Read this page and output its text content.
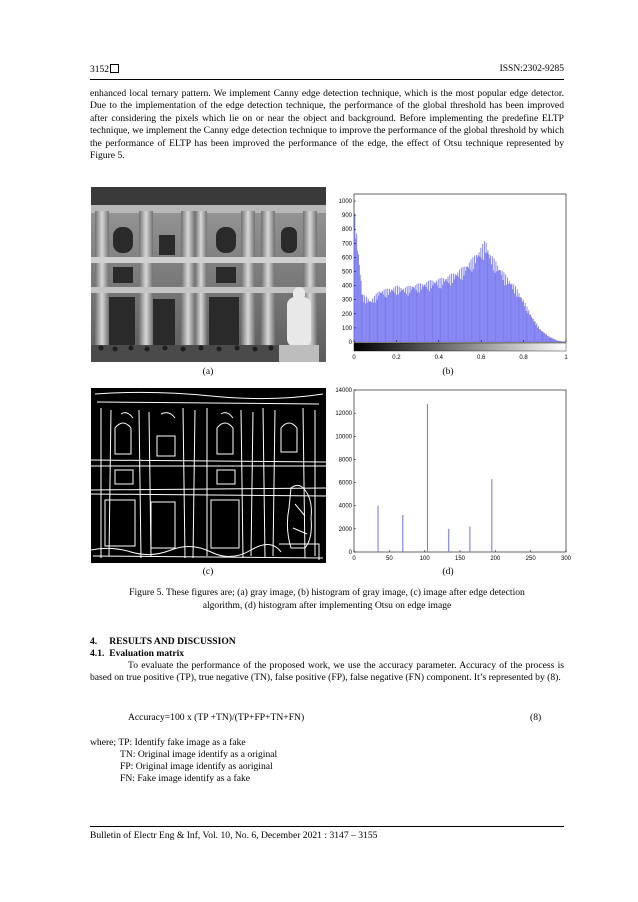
3152	ISSN:2302-9285
enhanced local ternary pattern. We implement Canny edge detection technique, which is the most popular edge detector. Due to the implementation of the edge detection technique, the performance of the global threshold has been improved after considering the pixels which lie on or near the object and background. Before implementing the predefine ELTP technique, we implement the Canny edge detection technique to improve the performance of the global threshold by which the performance of ELTP has been improved the performance of the edge, the effect of Otsu technique represented by Figure 5.
0	0.2	0.4	0.6	0.8	1
0
100
200
300
400
500
600
700
800
900
1000
(a)	(b)
0	50	100	150	200	250	300
0
2000
4000
6000
8000
10000
12000
14000
(c)	(d)
Figure 5. These figures are; (a) gray image, (b) histogram of gray image, (c) image after edge detection
algorithm, (d) histogram after implementing Otsu on edge image
4.     RESULTS AND DISCUSSION
4.1.  Evaluation matrix
To evaluate the performance of the proposed work, we use the accuracy parameter. Accuracy of the process is based on true positive (TP), true negative (TN), false positive (FP), false negative (FN) component. It’s represented by (8).
Accuracy=100 x (TP +TN)/(TP+FP+TN+FN)	(8)
where; TP: Identify fake image as a fake
TN: Original image identify as a original
FP: Original image identify as aoriginal
FN: Fake image identify as a fake
Bulletin of Electr Eng & Inf, Vol. 10, No. 6, December 2021 : 3147 – 3155
